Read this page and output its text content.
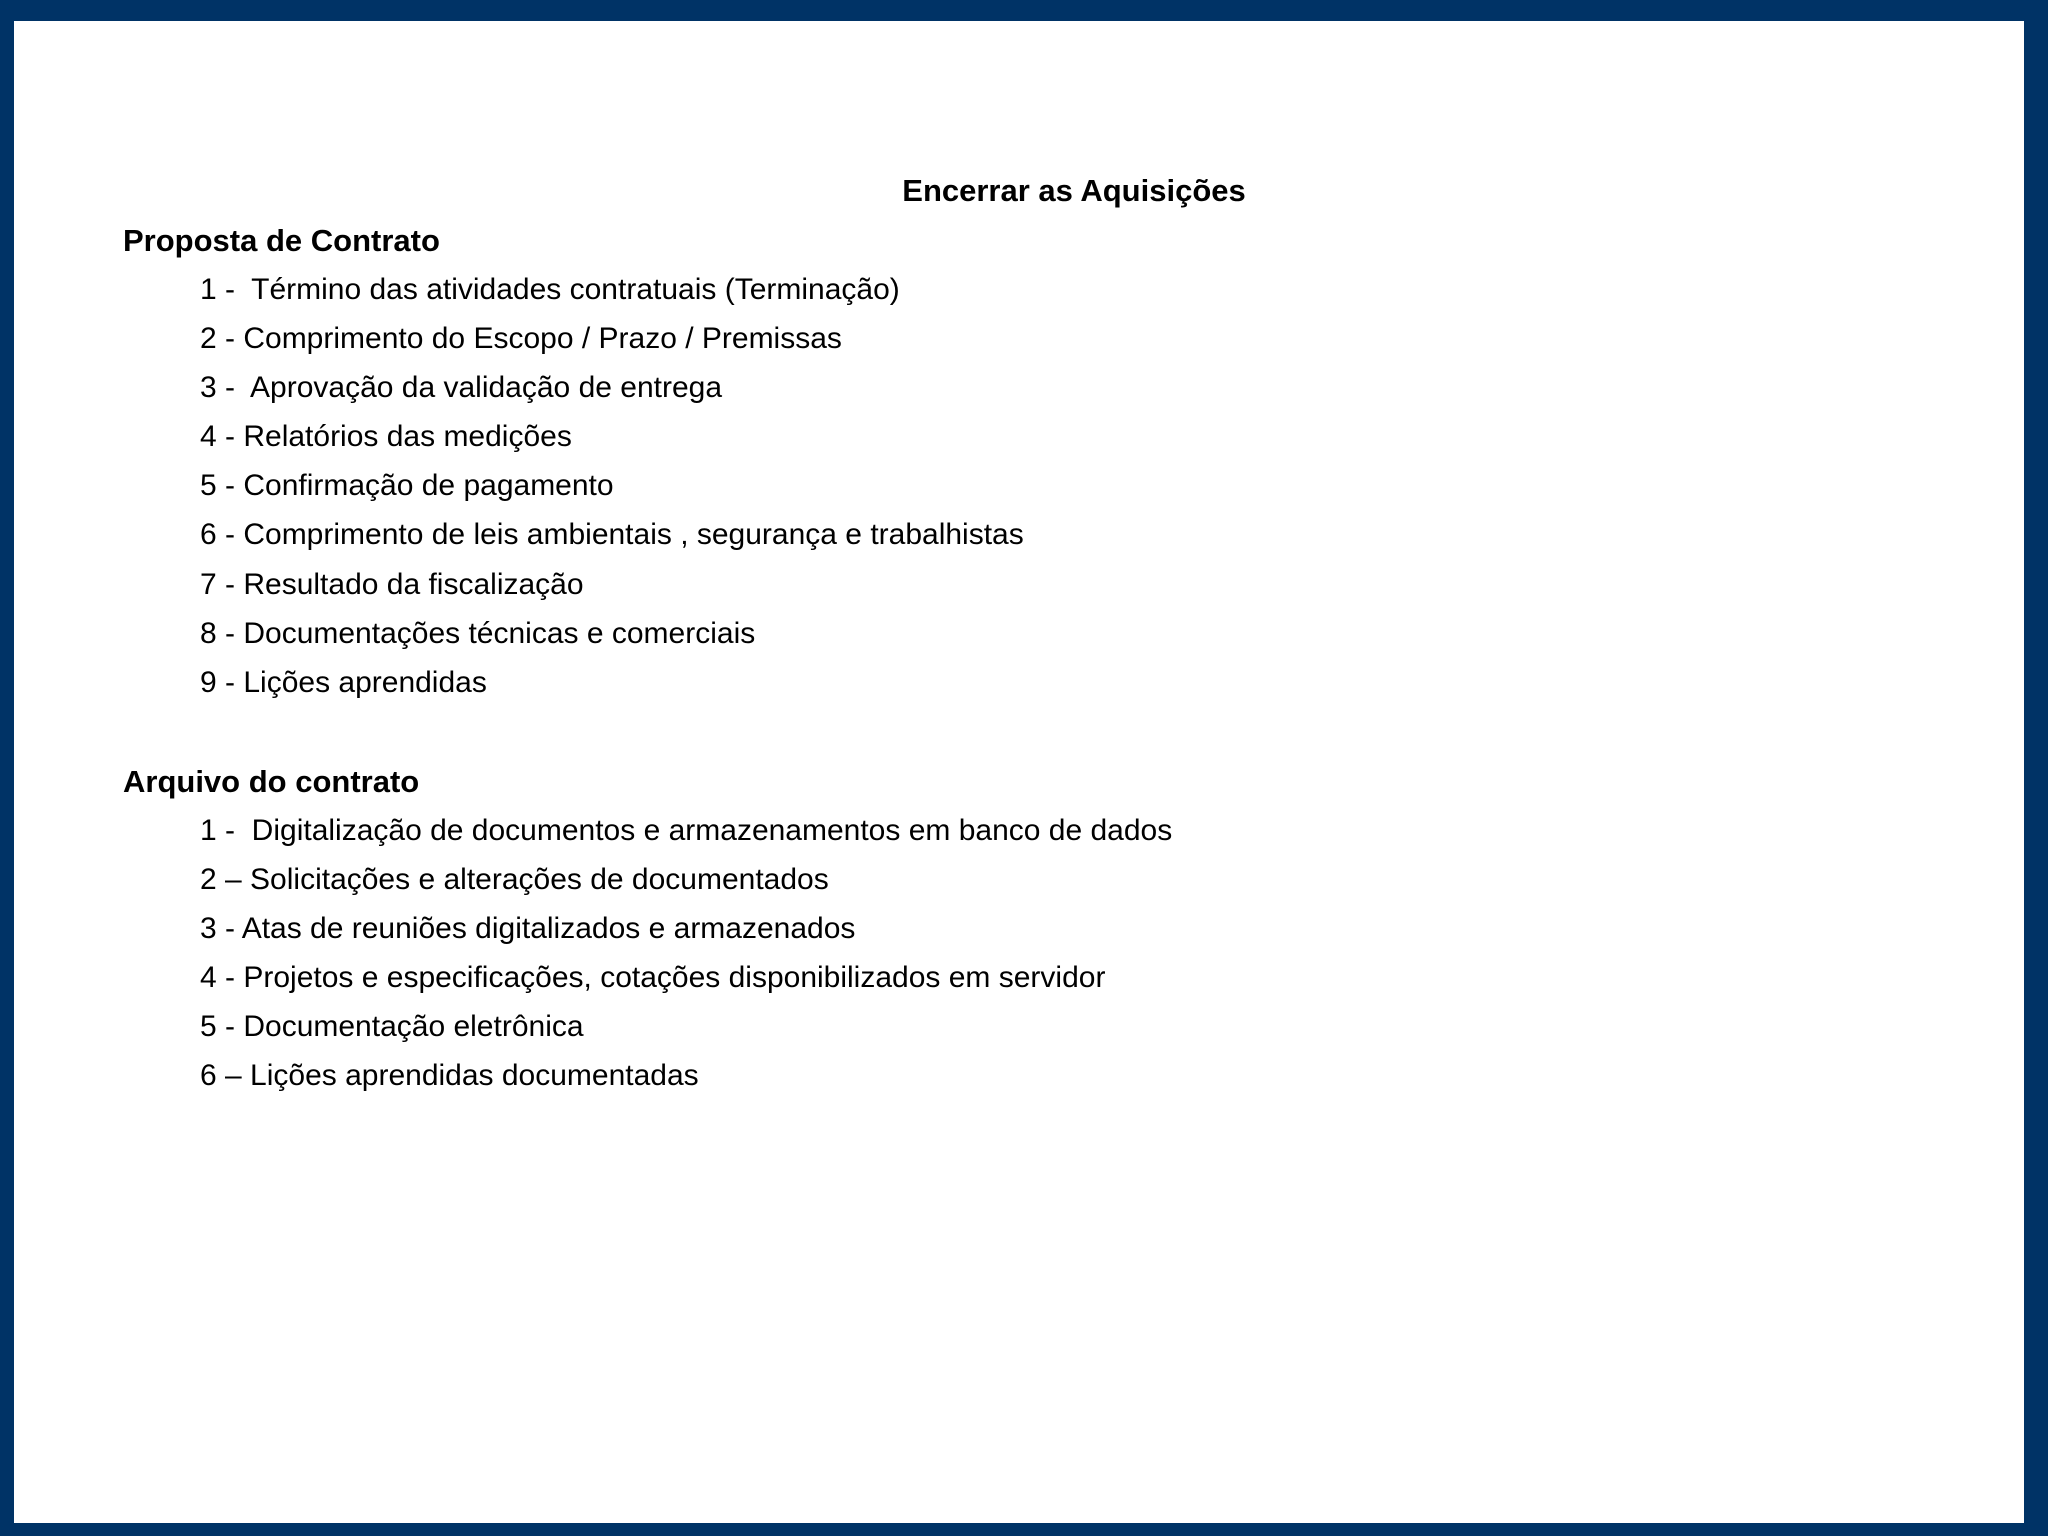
Encerrar as Aquisições
Proposta de Contrato
1 -  Término das atividades contratuais (Terminação)
2 - Comprimento do Escopo / Prazo / Premissas
3 -  Aprovação da validação de entrega
4 - Relatórios das medições
5 - Confirmação de pagamento
6 - Comprimento de leis ambientais , segurança e trabalhistas
7 - Resultado da fiscalização
8 - Documentações técnicas e comerciais
9 - Lições aprendidas
Arquivo do contrato
1 -  Digitalização de documentos e armazenamentos em banco de dados
2 – Solicitações e alterações de documentados
3 - Atas de reuniões digitalizados e armazenados
4 - Projetos e especificações, cotações disponibilizados em servidor
5 - Documentação eletrônica
6 – Lições aprendidas documentadas
